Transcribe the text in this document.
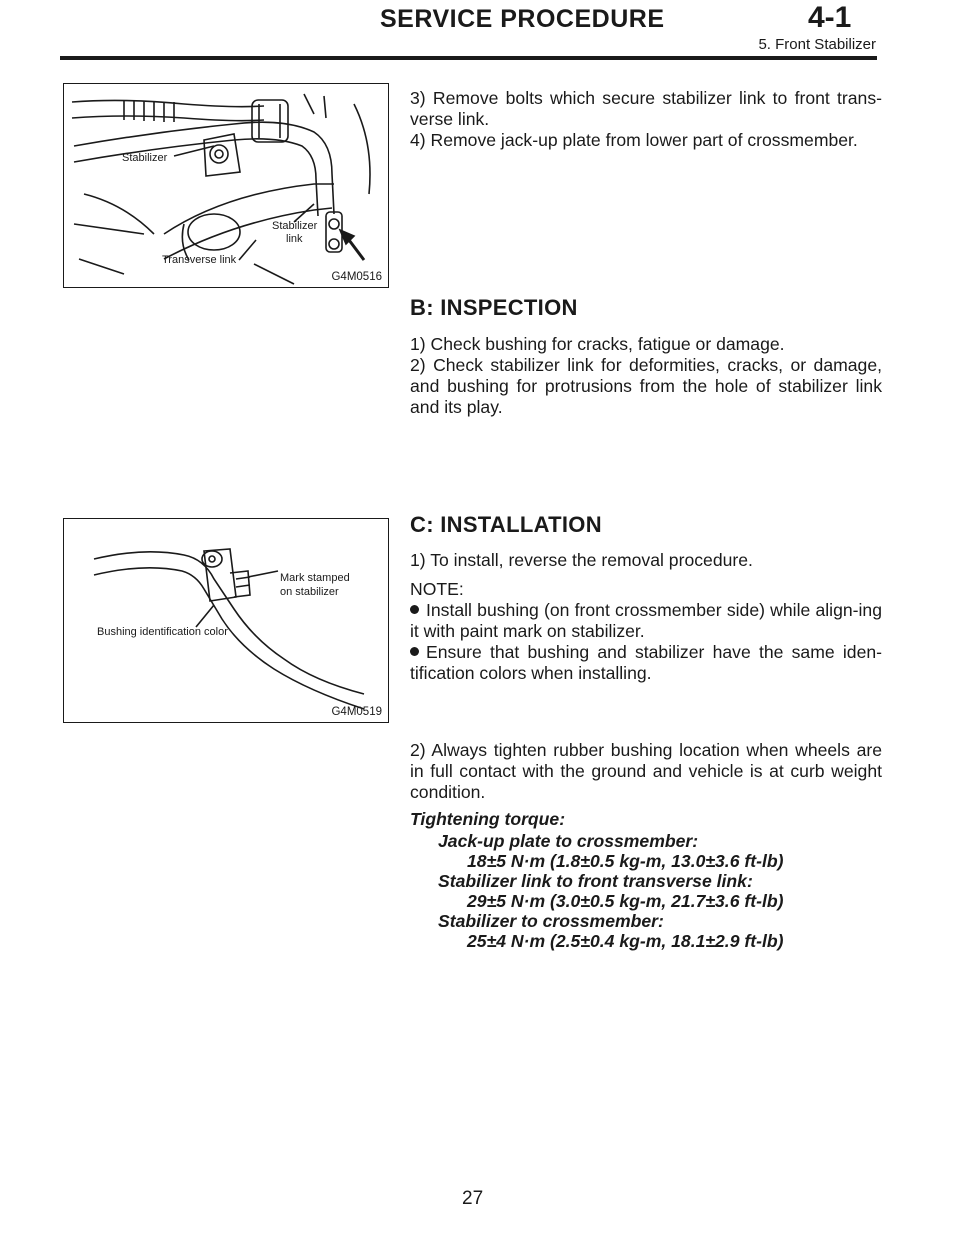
SERVICE PROCEDURE	4-1
5. Front Stabilizer
Stabilizer
Stabilizer
link
Transverse link
G4M0516
Mark stamped
on stabilizer
Bushing identification color
G4M0519
3) Remove bolts which secure stabilizer link to front trans-verse link.
4) Remove jack-up plate from lower part of crossmember.
B: INSPECTION
1) Check bushing for cracks, fatigue or damage.
2) Check stabilizer link for deformities, cracks, or damage, and bushing for protrusions from the hole of stabilizer link and its play.
C: INSTALLATION
1) To install, reverse the removal procedure.
NOTE:
Install bushing (on front crossmember side) while align-ing it with paint mark on stabilizer.
Ensure that bushing and stabilizer have the same iden-tification colors when installing.
2) Always tighten rubber bushing location when wheels are in full contact with the ground and vehicle is at curb weight condition.
Tightening torque:
Jack-up plate to crossmember:
18±5 N·m (1.8±0.5 kg-m, 13.0±3.6 ft-lb)
Stabilizer link to front transverse link:
29±5 N·m (3.0±0.5 kg-m, 21.7±3.6 ft-lb)
Stabilizer to crossmember:
25±4 N·m (2.5±0.4 kg-m, 18.1±2.9 ft-lb)
27
